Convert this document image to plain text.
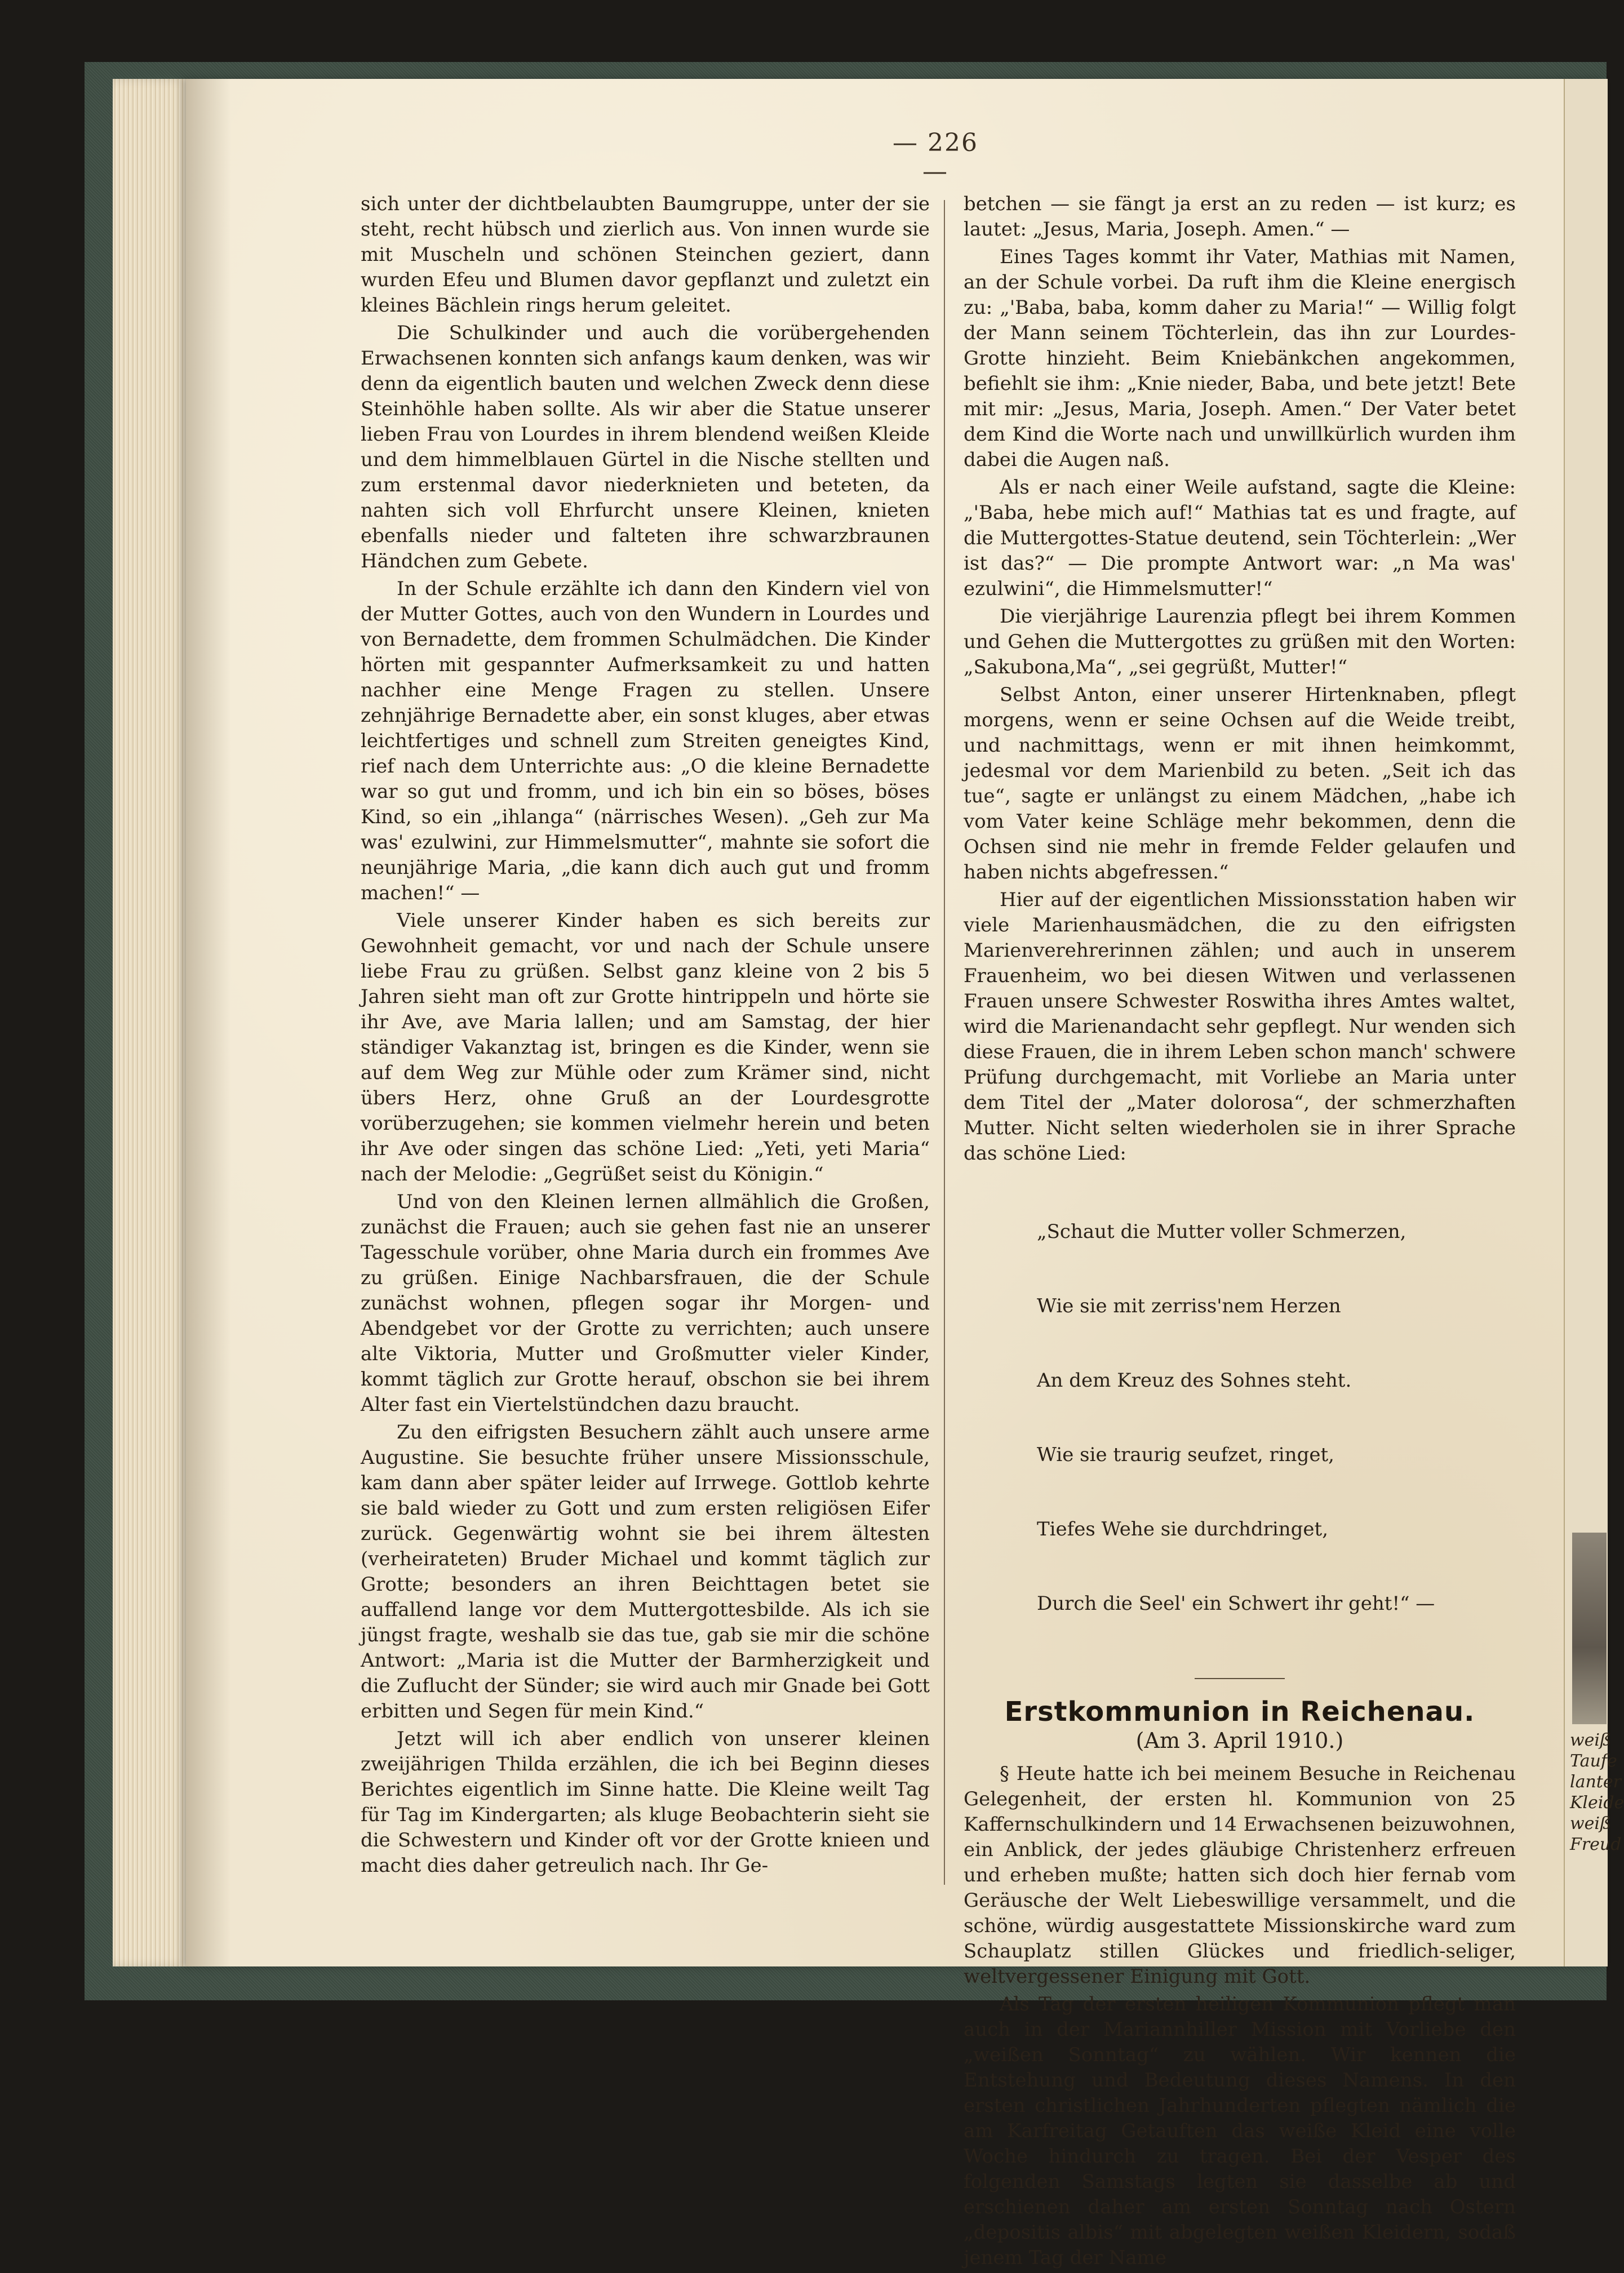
weiß
Taufe
lanter
Kleide
weiß
Freud
— 226 —

sich unter der dichtbelaubten Baumgruppe, unter der sie steht, recht hübsch und zierlich aus. Von innen wurde sie mit Muscheln und schönen Steinchen geziert, dann wurden Efeu und Blumen davor gepflanzt und zuletzt ein kleines Bächlein rings herum geleitet.

Die Schulkinder und auch die vorübergehenden Erwachsenen konnten sich anfangs kaum denken, was wir denn da eigentlich bauten und welchen Zweck denn diese Steinhöhle haben sollte. Als wir aber die Statue unserer lieben Frau von Lourdes in ihrem blendend weißen Kleide und dem himmelblauen Gürtel in die Nische stellten und zum erstenmal davor niederknieten und beteten, da nahten sich voll Ehrfurcht unsere Kleinen, knieten ebenfalls nieder und falteten ihre schwarzbraunen Händchen zum Gebete.

In der Schule erzählte ich dann den Kindern viel von der Mutter Gottes, auch von den Wundern in Lourdes und von Bernadette, dem frommen Schulmädchen. Die Kinder hörten mit gespannter Aufmerksamkeit zu und hatten nachher eine Menge Fragen zu stellen. Unsere zehnjährige Bernadette aber, ein sonst kluges, aber etwas leichtfertiges und schnell zum Streiten geneigtes Kind, rief nach dem Unterrichte aus: „O die kleine Bernadette war so gut und fromm, und ich bin ein so böses, böses Kind, so ein „ihlanga“ (närrisches Wesen). „Geh zur Ma was' ezulwini, zur Himmelsmutter“, mahnte sie sofort die neunjährige Maria, „die kann dich auch gut und fromm machen!“ —

Viele unserer Kinder haben es sich bereits zur Gewohnheit gemacht, vor und nach der Schule unsere liebe Frau zu grüßen. Selbst ganz kleine von 2 bis 5 Jahren sieht man oft zur Grotte hintrippeln und hörte sie ihr Ave, ave Maria lallen; und am Samstag, der hier ständiger Vakanztag ist, bringen es die Kinder, wenn sie auf dem Weg zur Mühle oder zum Krämer sind, nicht übers Herz, ohne Gruß an der Lourdesgrotte vorüberzugehen; sie kommen vielmehr herein und beten ihr Ave oder singen das schöne Lied: „Yeti, yeti Maria“ nach der Melodie: „Gegrüßet seist du Königin.“

Und von den Kleinen lernen allmählich die Großen, zunächst die Frauen; auch sie gehen fast nie an unserer Tagesschule vorüber, ohne Maria durch ein frommes Ave zu grüßen. Einige Nachbarsfrauen, die der Schule zunächst wohnen, pflegen sogar ihr Morgen- und Abendgebet vor der Grotte zu verrichten; auch unsere alte Viktoria, Mutter und Großmutter vieler Kinder, kommt täglich zur Grotte herauf, obschon sie bei ihrem Alter fast ein Viertelstündchen dazu braucht.

Zu den eifrigsten Besuchern zählt auch unsere arme Augustine. Sie besuchte früher unsere Missionsschule, kam dann aber später leider auf Irrwege. Gottlob kehrte sie bald wieder zu Gott und zum ersten religiösen Eifer zurück. Gegenwärtig wohnt sie bei ihrem ältesten (verheirateten) Bruder Michael und kommt täglich zur Grotte; besonders an ihren Beichttagen betet sie auffallend lange vor dem Muttergottesbilde. Als ich sie jüngst fragte, weshalb sie das tue, gab sie mir die schöne Antwort: „Maria ist die Mutter der Barmherzigkeit und die Zuflucht der Sünder; sie wird auch mir Gnade bei Gott erbitten und Segen für mein Kind.“

Jetzt will ich aber endlich von unserer kleinen zweijährigen Thilda erzählen, die ich bei Beginn dieses Berichtes eigentlich im Sinne hatte. Die Kleine weilt Tag für Tag im Kindergarten; als kluge Beobachterin sieht sie die Schwestern und Kinder oft vor der Grotte knieen und macht dies daher getreulich nach. Ihr Ge-

betchen — sie fängt ja erst an zu reden — ist kurz; es lautet: „Jesus, Maria, Joseph. Amen.“ —

Eines Tages kommt ihr Vater, Mathias mit Namen, an der Schule vorbei. Da ruft ihm die Kleine energisch zu: „'Baba, baba, komm daher zu Maria!“ — Willig folgt der Mann seinem Töchterlein, das ihn zur Lourdes-Grotte hinzieht. Beim Kniebänkchen angekommen, befiehlt sie ihm: „Knie nieder, Baba, und bete jetzt! Bete mit mir: „Jesus, Maria, Joseph. Amen.“ Der Vater betet dem Kind die Worte nach und unwillkürlich wurden ihm dabei die Augen naß.

Als er nach einer Weile aufstand, sagte die Kleine: „'Baba, hebe mich auf!“ Mathias tat es und fragte, auf die Muttergottes-Statue deutend, sein Töchterlein: „Wer ist das?“ — Die prompte Antwort war: „n Ma was' ezulwini“, die Himmelsmutter!“

Die vierjährige Laurenzia pflegt bei ihrem Kommen und Gehen die Muttergottes zu grüßen mit den Worten: „Sakubona,Ma“, „sei gegrüßt, Mutter!“

Selbst Anton, einer unserer Hirtenknaben, pflegt morgens, wenn er seine Ochsen auf die Weide treibt, und nachmittags, wenn er mit ihnen heimkommt, jedesmal vor dem Marienbild zu beten. „Seit ich das tue“, sagte er unlängst zu einem Mädchen, „habe ich vom Vater keine Schläge mehr bekommen, denn die Ochsen sind nie mehr in fremde Felder gelaufen und haben nichts abgefressen.“

Hier auf der eigentlichen Missionsstation haben wir viele Marienhausmädchen, die zu den eifrigsten Marienverehrerinnen zählen; und auch in unserem Frauenheim, wo bei diesen Witwen und verlassenen Frauen unsere Schwester Roswitha ihres Amtes waltet, wird die Marienandacht sehr gepflegt. Nur wenden sich diese Frauen, die in ihrem Leben schon manch' schwere Prüfung durchgemacht, mit Vorliebe an Maria unter dem Titel der „Mater dolorosa“, der schmerzhaften Mutter. Nicht selten wiederholen sie in ihrer Sprache das schöne Lied:

„Schaut die Mutter voller Schmerzen,

Wie sie mit zerriss'nem Herzen

An dem Kreuz des Sohnes steht.

Wie sie traurig seufzet, ringet,

Tiefes Wehe sie durchdringet,

Durch die Seel' ein Schwert ihr geht!“ —

Erstkommunion in Reichenau.
(Am 3. April 1910.)

§ Heute hatte ich bei meinem Besuche in Reichenau Gelegenheit, der ersten hl. Kommunion von 25 Kaffernschulkindern und 14 Erwachsenen beizuwohnen, ein Anblick, der jedes gläubige Christenherz erfreuen und erheben mußte; hatten sich doch hier fernab vom Geräusche der Welt Liebeswillige versammelt, und die schöne, würdig ausgestattete Missionskirche ward zum Schauplatz stillen Glückes und friedlich-seliger, weltvergessener Einigung mit Gott.

Als Tag der ersten heiligen Kommunion pflegt man auch in der Mariannhiller Mission mit Vorliebe den „weißen Sonntag“ zu wählen. Wir kennen die Entstehung und Bedeutung dieses Namens. In den ersten christlichen Jahrhunderten pflegten nämlich die am Karfreitag Getauften das weiße Kleid eine volle Woche hindurch zu tragen. Bei der Vesper des folgenden Samstags legten sie dasselbe ab und erschienen daher am ersten Sonntag nach Ostern „depositis albis“ mit abgelegten weißen Kleidern, sodaß jenem Tag der Name
